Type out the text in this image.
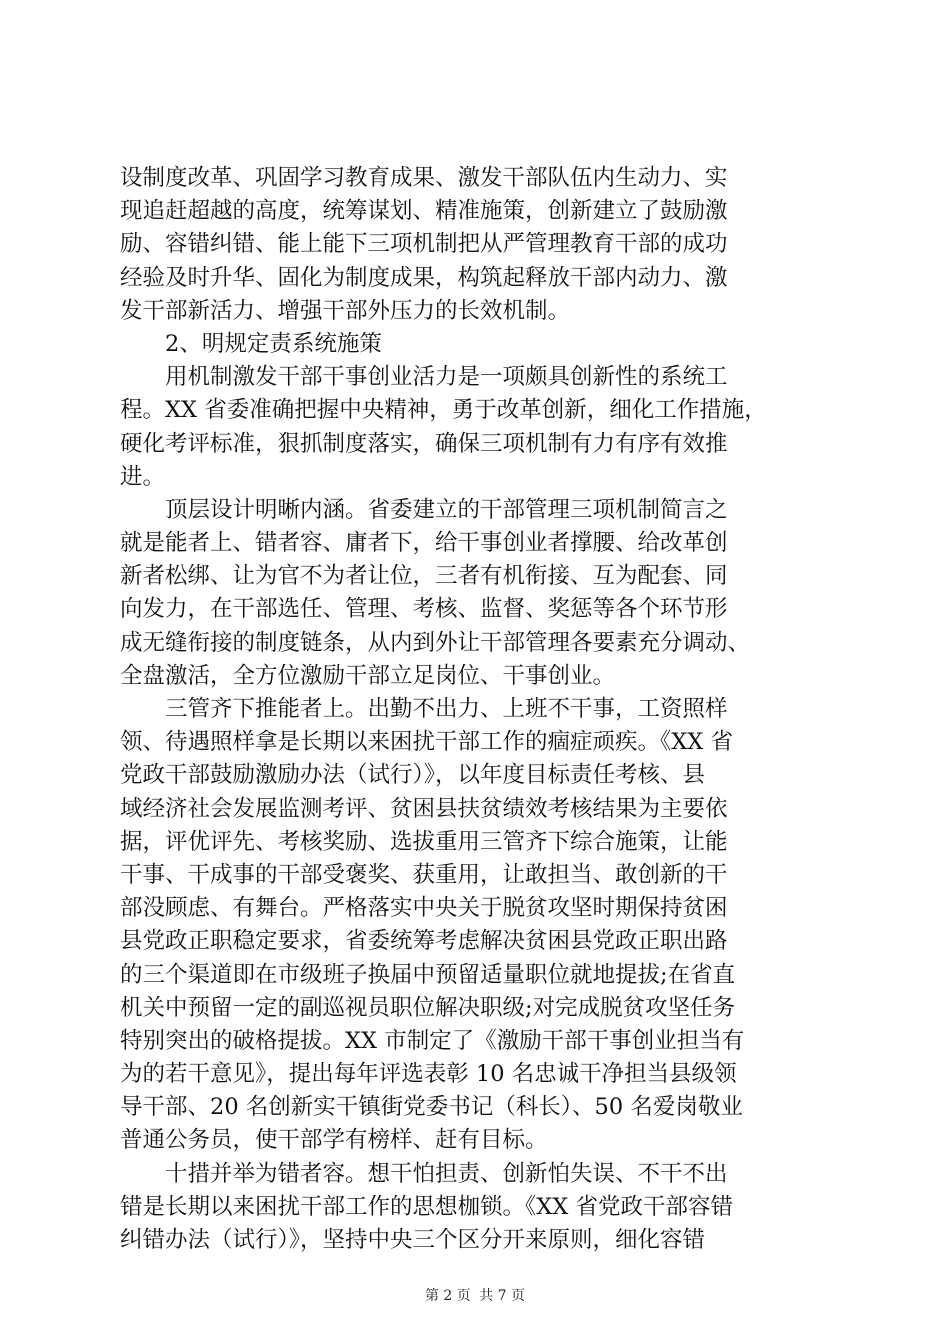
设制度改革、巩固学习教育成果、激发干部队伍内生动力、实
现追赶超越的高度，统筹谋划、精准施策，创新建立了鼓励激
励、容错纠错、能上能下三项机制把从严管理教育干部的成功
经验及时升华、固化为制度成果，构筑起释放干部内动力、激
发干部新活力、增强干部外压力的长效机制。
　　2、明规定责系统施策
　　用机制激发干部干事创业活力是一项颇具创新性的系统工
程。XX 省委准确把握中央精神，勇于改革创新，细化工作措施，
硬化考评标准，狠抓制度落实，确保三项机制有力有序有效推
进。
　　顶层设计明晰内涵。省委建立的干部管理三项机制简言之
就是能者上、错者容、庸者下，给干事创业者撑腰、给改革创
新者松绑、让为官不为者让位，三者有机衔接、互为配套、同
向发力，在干部选任、管理、考核、监督、奖惩等各个环节形
成无缝衔接的制度链条，从内到外让干部管理各要素充分调动、
全盘激活，全方位激励干部立足岗位、干事创业。
　　三管齐下推能者上。出勤不出力、上班不干事，工资照样
领、待遇照样拿是长期以来困扰干部工作的痼症顽疾。《XX 省
党政干部鼓励激励办法（试行）》，以年度目标责任考核、县
域经济社会发展监测考评、贫困县扶贫绩效考核结果为主要依
据，评优评先、考核奖励、选拔重用三管齐下综合施策，让能
干事、干成事的干部受褒奖、获重用，让敢担当、敢创新的干
部没顾虑、有舞台。严格落实中央关于脱贫攻坚时期保持贫困
县党政正职稳定要求，省委统筹考虑解决贫困县党政正职出路
的三个渠道即在市级班子换届中预留适量职位就地提拔;在省直
机关中预留一定的副巡视员职位解决职级;对完成脱贫攻坚任务
特别突出的破格提拔。XX 市制定了《激励干部干事创业担当有
为的若干意见》，提出每年评选表彰 10 名忠诚干净担当县级领
导干部、20 名创新实干镇街党委书记（科长）、50 名爱岗敬业
普通公务员，使干部学有榜样、赶有目标。
　　十措并举为错者容。想干怕担责、创新怕失误、不干不出
错是长期以来困扰干部工作的思想枷锁。《XX 省党政干部容错
纠错办法（试行）》，坚持中央三个区分开来原则，细化容错
第 2 页 共 7 页
